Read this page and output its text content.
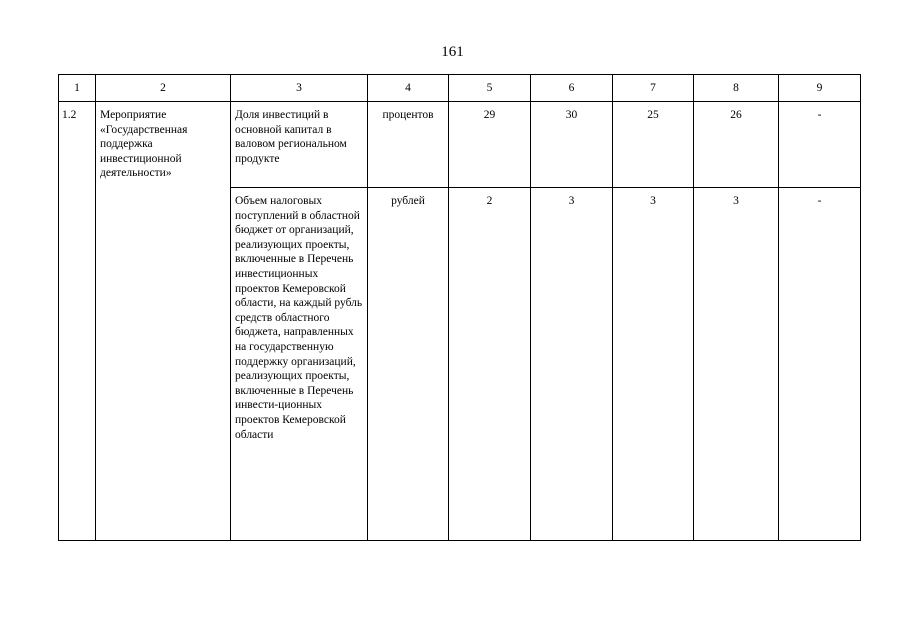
161
1	2	3	4	5	6	7	8	9

1.2	Мероприятие «Государственная поддержка инвестиционной деятельности»	Доля инвестиций в основной капитал в валовом региональном продукте	процентов	29	30	25	26	-

		Объем налоговых поступлений в областной бюджет от организаций, реализующих проекты, включенные в Перечень инвестиционных проектов Кемеровской области, на каждый рубль средств областного бюджета, направленных на государственную поддержку организаций, реализующих проекты, включенные в Перечень инвести-ционных проектов Кемеровской области	рублей	2	3	3	3	-
